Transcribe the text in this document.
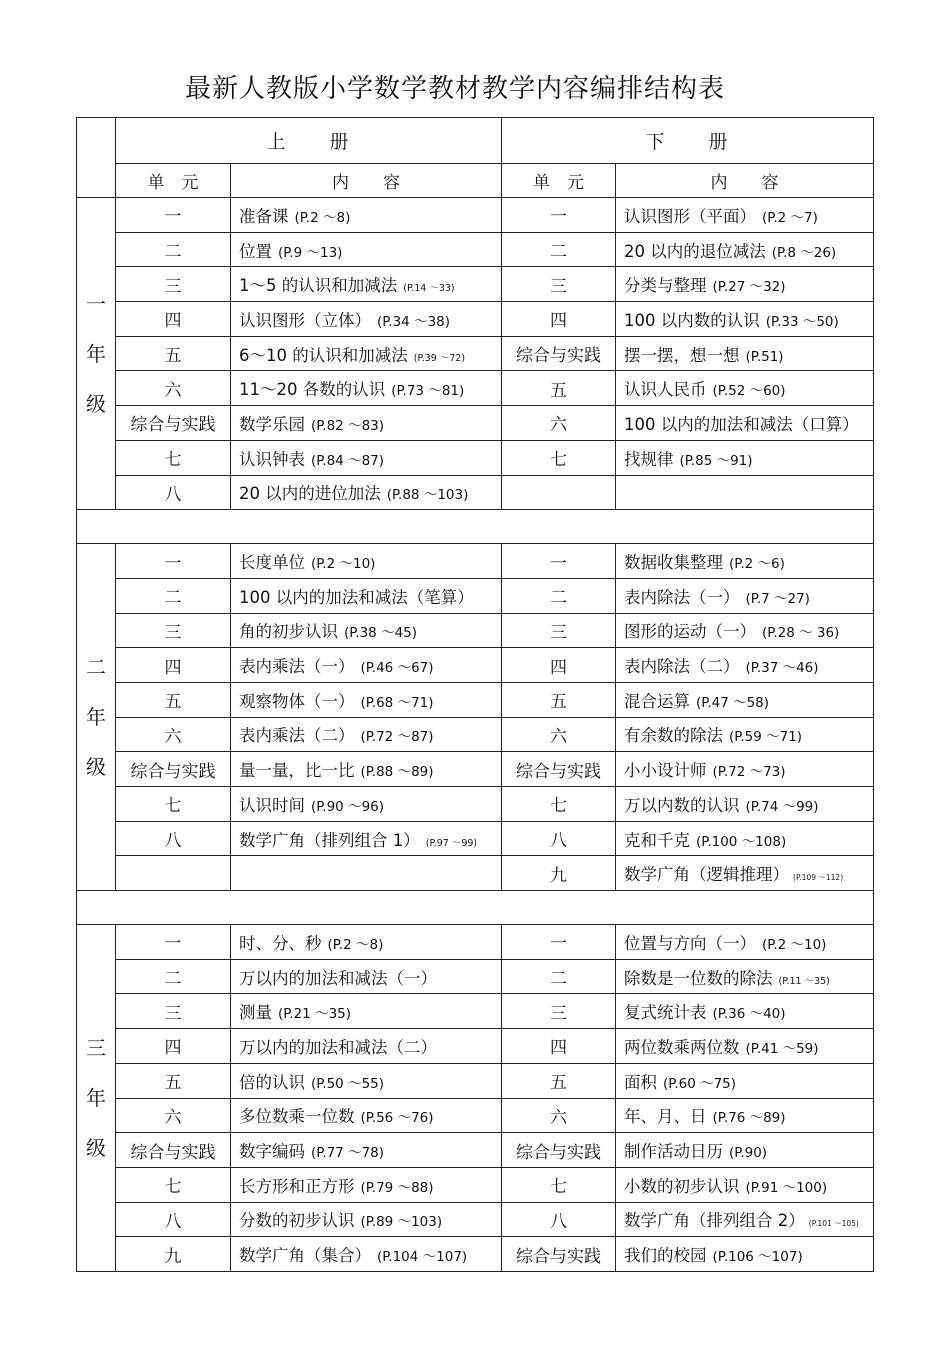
最新人教版小学数学教材教学内容编排结构表
	上　　册		下　　册	
	单　元	内　　容	单　元	内　　容

一
年
级	一	准备课 (P.2 ～8)	一	认识图形（平面） (P.2 ～7)
	二	位置 (P.9 ～13)	二	20 以内的退位减法 (P.8 ～26)
	三	1～5 的认识和加减法 (P.14 ～33)	三	分类与整理 (P.27 ～32)
	四	认识图形（立体） (P.34 ～38)	四	100 以内数的认识 (P.33 ～50)
	五	6～10 的认识和加减法 (P.39 ～72)	综合与实践	摆一摆，想一想 (P.51)
	六	11～20 各数的认识 (P.73 ～81)	五	认识人民币 (P.52 ～60)
	综合与实践	数学乐园 (P.82 ～83)	六	100 以内的加法和减法（口算）
	七	认识钟表 (P.84 ～87)	七	找规律 (P.85 ～91)
	八	20 以内的进位加法 (P.88 ～103)		

二
年
级	一	长度单位 (P.2 ～10)	一	数据收集整理 (P.2 ～6)
	二	100 以内的加法和减法（笔算）	二	表内除法（一） (P.7 ～27)
	三	角的初步认识 (P.38 ～45)	三	图形的运动（一） (P.28 ～ 36)
	四	表内乘法（一） (P.46 ～67)	四	表内除法（二） (P.37 ～46)
	五	观察物体（一） (P.68 ～71)	五	混合运算 (P.47 ～58)
	六	表内乘法（二） (P.72 ～87)	六	有余数的除法 (P.59 ～71)
	综合与实践	量一量，比一比 (P.88 ～89)	综合与实践	小小设计师 (P.72 ～73)
	七	认识时间 (P.90 ～96)	七	万以内数的认识 (P.74 ～99)
	八	数学广角（排列组合 1） (P.97 ～99)	八	克和千克 (P.100 ～108)
			九	数学广角（逻辑推理） (P.109 ～112)

三
年
级	一	时、分、秒 (P.2 ～8)	一	位置与方向（一） (P.2 ～10)
	二	万以内的加法和减法（一）	二	除数是一位数的除法 (P.11 ～35)
	三	测量 (P.21 ～35)	三	复式统计表 (P.36 ～40)
	四	万以内的加法和减法（二）	四	两位数乘两位数 (P.41 ～59)
	五	倍的认识 (P.50 ～55)	五	面积 (P.60 ～75)
	六	多位数乘一位数 (P.56 ～76)	六	年、月、日 (P.76 ～89)
	综合与实践	数字编码 (P.77 ～78)	综合与实践	制作活动日历 (P.90)
	七	长方形和正方形 (P.79 ～88)	七	小数的初步认识 (P.91 ～100)
	八	分数的初步认识 (P.89 ～103)	八	数学广角（排列组合 2） (P.101 ～105)
	九	数学广角（集合） (P.104 ～107)	综合与实践	我们的校园 (P.106 ～107)
